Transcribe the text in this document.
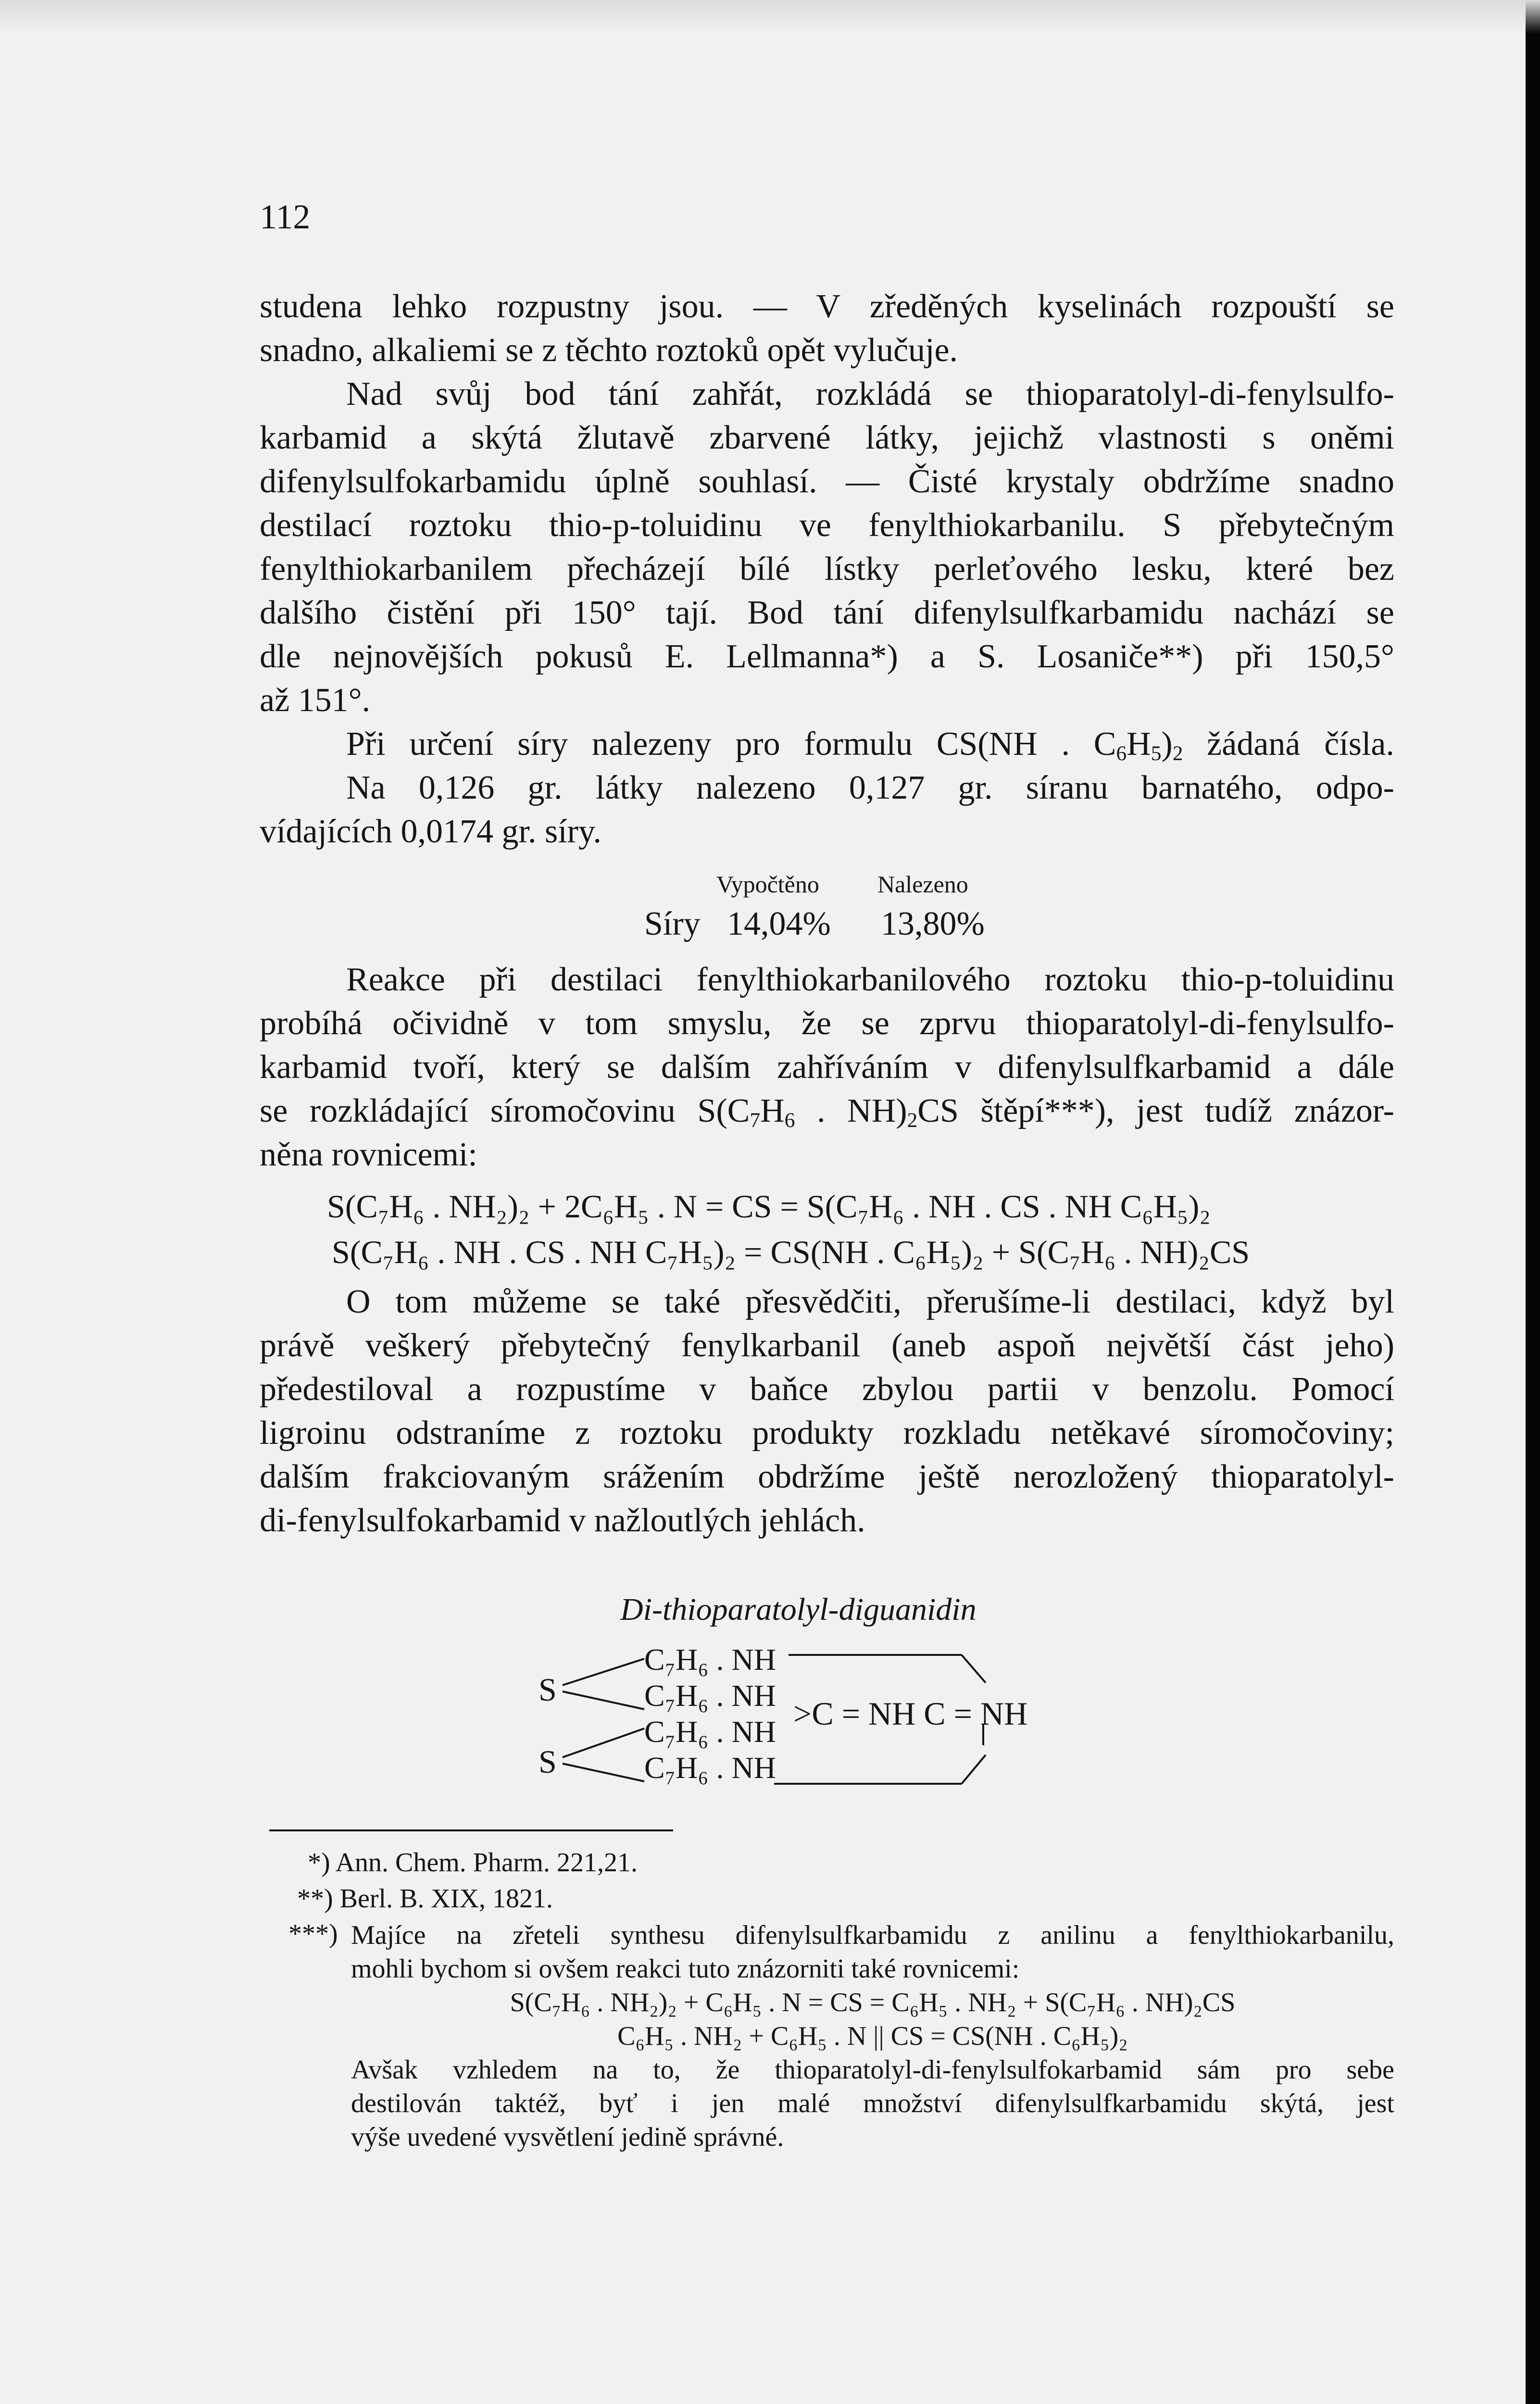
112
studena lehko rozpustny jsou. — V zředěných kyselinách rozpouští se
snadno, alkaliemi se z těchto roztoků opět vylučuje.
Nad svůj bod tání zahřát, rozkládá se thioparatolyl-di-fenylsulfo-
karbamid a skýtá žlutavě zbarvené látky, jejichž vlastnosti s oněmi
difenylsulfokarbamidu úplně souhlasí. — Čisté krystaly obdržíme snadno
destilací roztoku thio-p-toluidinu ve fenylthiokarbanilu. S přebytečným
fenylthiokarbanilem přecházejí bílé lístky perleťového lesku, které bez
dalšího čistění při 150° tají. Bod tání difenylsulfkarbamidu nachází se
dle nejnovějších pokusů E. Lellmanna*) a S. Losaniče**) při 150,5°
až 151°.
Při určení síry nalezeny pro formulu CS(NH . $C_6H_5)_2$ žádaná čísla.
Na 0,126 gr. látky nalezeno 0,127 gr. síranu barnatého, odpo-
vídajících 0,0174 gr. síry.
Vypočtěno Nalezeno
Síry 14,04% 13,80%
Reakce při destilaci fenylthiokarbanilového roztoku thio-p-toluidinu
probíhá očividně v tom smyslu, že se zprvu thioparatolyl-di-fenylsulfo-
karbamid tvoří, který se dalším zahříváním v difenylsulfkarbamid a dále
se rozkládající síromočovinu $S(C_7H_6$ . $NH)_2CS$ štěpí***), jest tudíž znázor-
něna rovnicemi:
S(C₇H₆ . NH₂)₂ + 2C₆H₅ . N = CS = S(C₇H₆ . NH . CS . NH C₆H₅)₂
S(C₇H₆ . NH . CS . NH C₇H₅)₂ = CS(NH . C₆H₅)₂ + S(C₇H₆ . NH)₂CS
O tom můžeme se také přesvědčiti, přerušíme-li destilaci, když byl
právě veškerý přebytečný fenylkarbanil (aneb aspoň největší část jeho)
předestiloval a rozpustíme v baňce zbylou partii v benzolu. Pomocí
ligroinu odstraníme z roztoku produkty rozkladu netěkavé síromočoviny;
dalším frakciovaným srážením obdržíme ještě nerozložený thioparatolyl-
di-fenylsulfokarbamid v nažloutlých jehlách.
Di-thioparatolyl-diguanidin
S
S
C₇H₆ . NH
C₇H₆ . NH
C₇H₆ . NH
C₇H₆ . NH
>C = NH C = NH
*) Ann. Chem. Pharm. 221,21.
**) Berl. B. XIX, 1821.
***) Majíce na zřeteli synthesu difenylsulfkarbamidu z anilinu a fenylthiokarbanilu,
mohli bychom si ovšem reakci tuto znázorniti také rovnicemi:
S(C₇H₆ . NH₂)₂ + C₆H₅ . N = CS = C₆H₅ . NH₂ + S(C₇H₆ . NH)₂CS
C₆H₅ . NH₂ + C₆H₅ . N || CS = CS(NH . C₆H₅)₂
Avšak vzhledem na to, že thioparatolyl-di-fenylsulfokarbamid sám pro sebe
destilován taktéž, byť i jen malé množství difenylsulfkarbamidu skýtá, jest
výše uvedené vysvětlení jedině správné.
